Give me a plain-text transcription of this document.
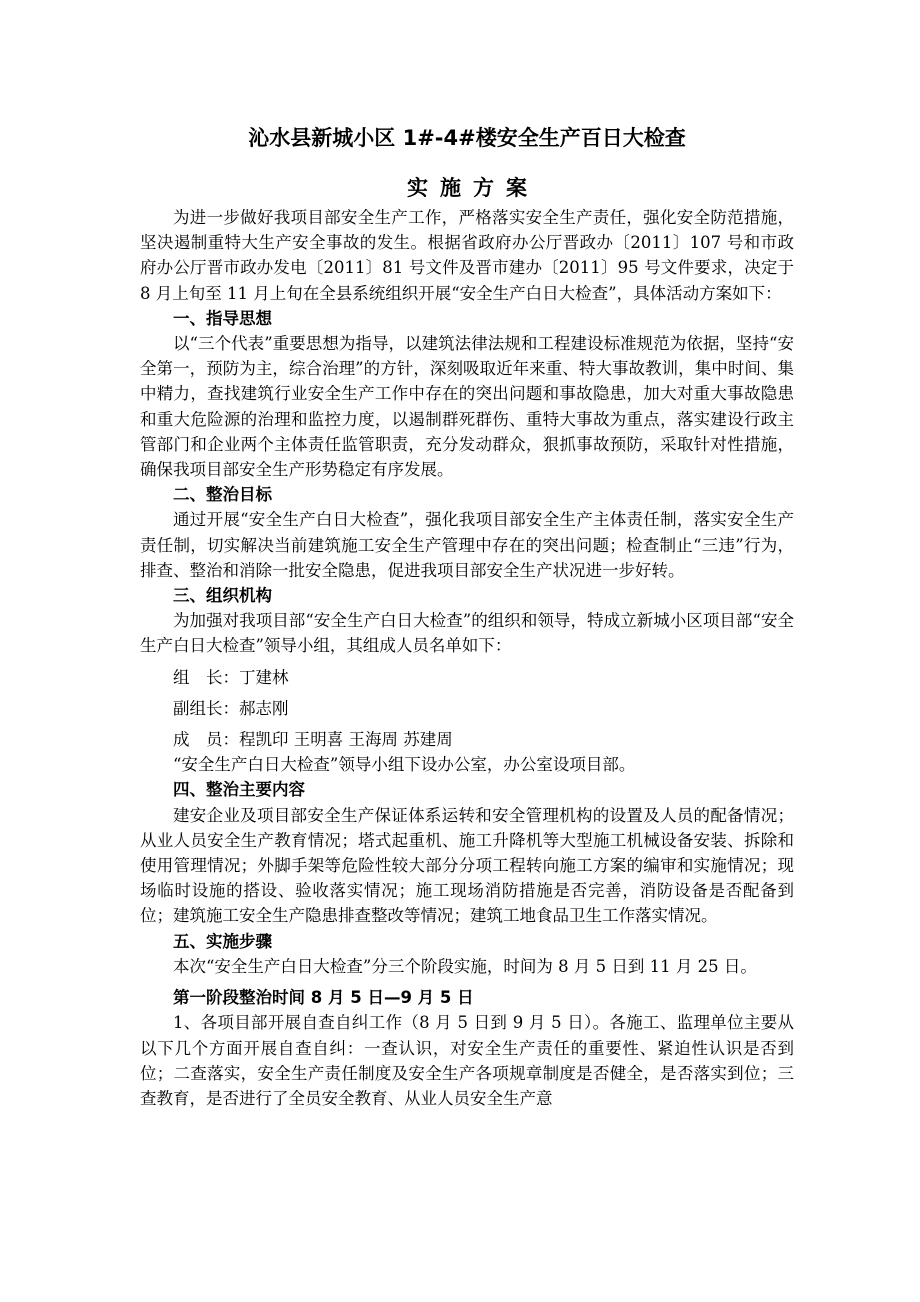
沁水县新城小区 1#-4#楼安全生产百日大检查
实施方案

为进一步做好我项目部安全生产工作，严格落实安全生产责任，强化安全防范措施，坚决遏制重特大生产安全事故的发生。根据省政府办公厅晋政办〔2011〕107 号和市政府办公厅晋市政办发电〔2011〕81 号文件及晋市建办〔2011〕95 号文件要求，决定于 8 月上旬至 11 月上旬在全县系统组织开展“安全生产白日大检查”，具体活动方案如下：

一、指导思想

以“三个代表”重要思想为指导，以建筑法律法规和工程建设标准规范为依据，坚持“安全第一，预防为主，综合治理”的方针，深刻吸取近年来重、特大事故教训，集中时间、集中精力，查找建筑行业安全生产工作中存在的突出问题和事故隐患，加大对重大事故隐患和重大危险源的治理和监控力度，以遏制群死群伤、重特大事故为重点，落实建设行政主管部门和企业两个主体责任监管职责，充分发动群众，狠抓事故预防，采取针对性措施，确保我项目部安全生产形势稳定有序发展。

二、整治目标

通过开展“安全生产白日大检查”，强化我项目部安全生产主体责任制，落实安全生产责任制，切实解决当前建筑施工安全生产管理中存在的突出问题；检查制止“三违”行为，排查、整治和消除一批安全隐患，促进我项目部安全生产状况进一步好转。

三、组织机构

为加强对我项目部“安全生产白日大检查”的组织和领导，特成立新城小区项目部“安全生产白日大检查”领导小组，其组成人员名单如下：

组　长：丁建林

副组长：郝志刚

成　员：程凯印 王明喜 王海周 苏建周

“安全生产白日大检查”领导小组下设办公室，办公室设项目部。

四、整治主要内容

建安企业及项目部安全生产保证体系运转和安全管理机构的设置及人员的配备情况；从业人员安全生产教育情况；塔式起重机、施工升降机等大型施工机械设备安装、拆除和使用管理情况；外脚手架等危险性较大部分分项工程转向施工方案的编审和实施情况；现场临时设施的搭设、验收落实情况；施工现场消防措施是否完善，消防设备是否配备到位；建筑施工安全生产隐患排查整改等情况；建筑工地食品卫生工作落实情况。

五、实施步骤

本次“安全生产白日大检查”分三个阶段实施，时间为 8 月 5 日到 11 月 25 日。

第一阶段整治时间 8 月 5 日—9 月 5 日

1、各项目部开展自查自纠工作（8 月 5 日到 9 月 5 日）。各施工、监理单位主要从以下几个方面开展自查自纠：一查认识，对安全生产责任的重要性、紧迫性认识是否到位；二查落实，安全生产责任制度及安全生产各项规章制度是否健全，是否落实到位；三查教育，是否进行了全员安全教育、从业人员安全生产意
